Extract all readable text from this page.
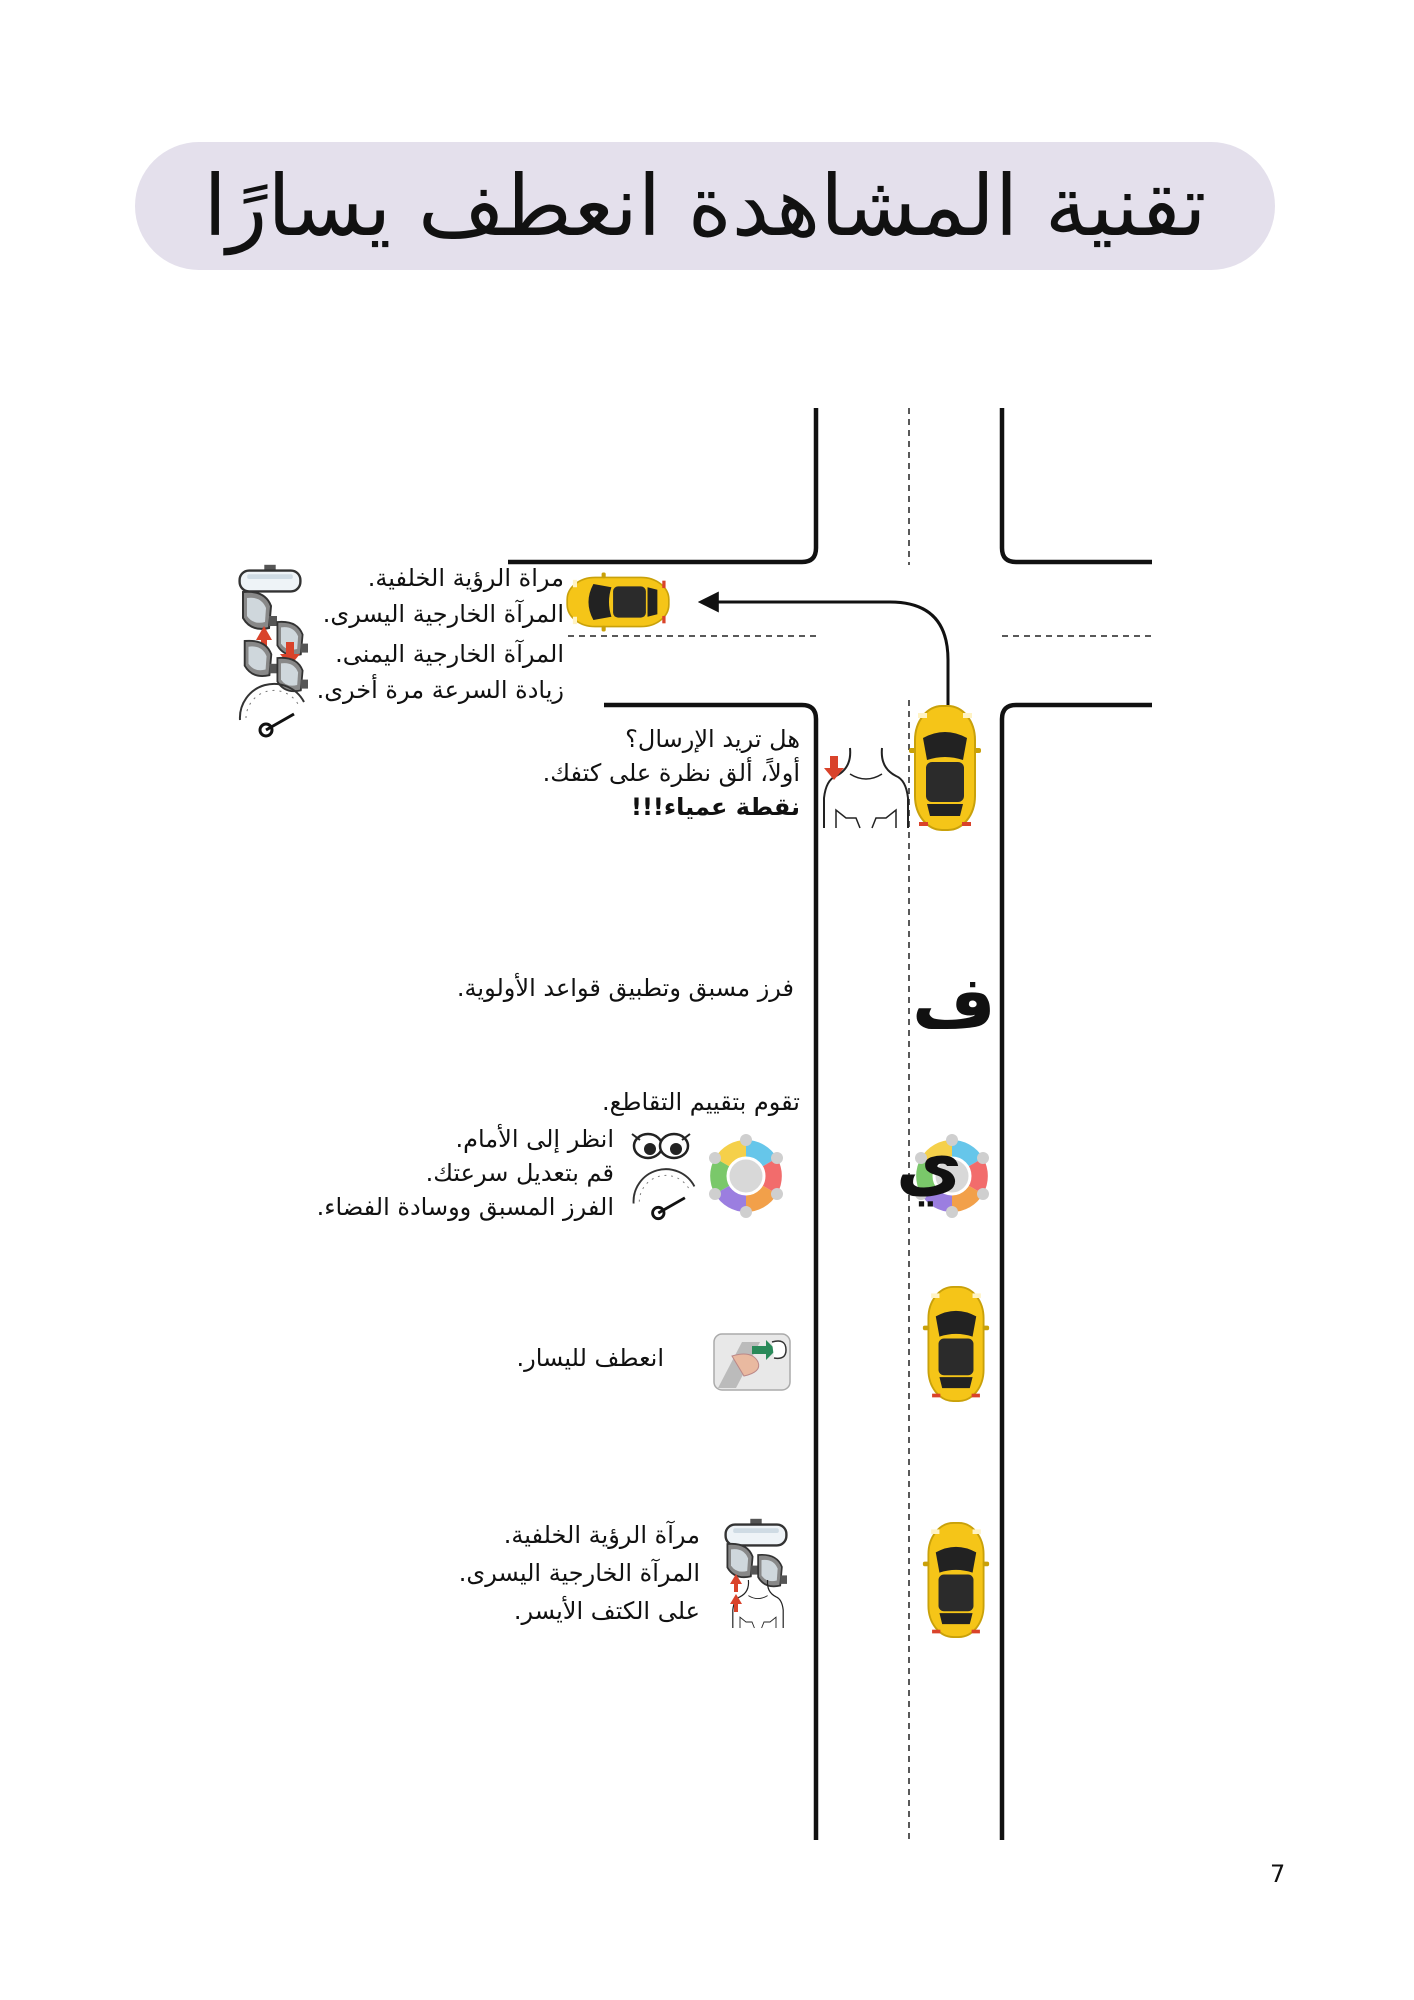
تقنية المشاهدة انعطف يسارًا
مراة الرؤية الخلفية.
المرآة الخارجية اليسرى.
المرآة الخارجية اليمنى.
زيادة السرعة مرة أخرى.
هل تريد الإرسال؟
أولاً، ألق نظرة على كتفك.
نقطة عمياء!!!
فرز مسبق وتطبيق قواعد الأولوية.
تقوم بتقييم التقاطع.
انظر إلى الأمام.
قم بتعديل سرعتك.
الفرز المسبق ووسادة الفضاء.
ف
ي
انعطف لليسار.
مرآة الرؤية الخلفية.
المرآة الخارجية اليسرى.
على الكتف الأيسر.
7
